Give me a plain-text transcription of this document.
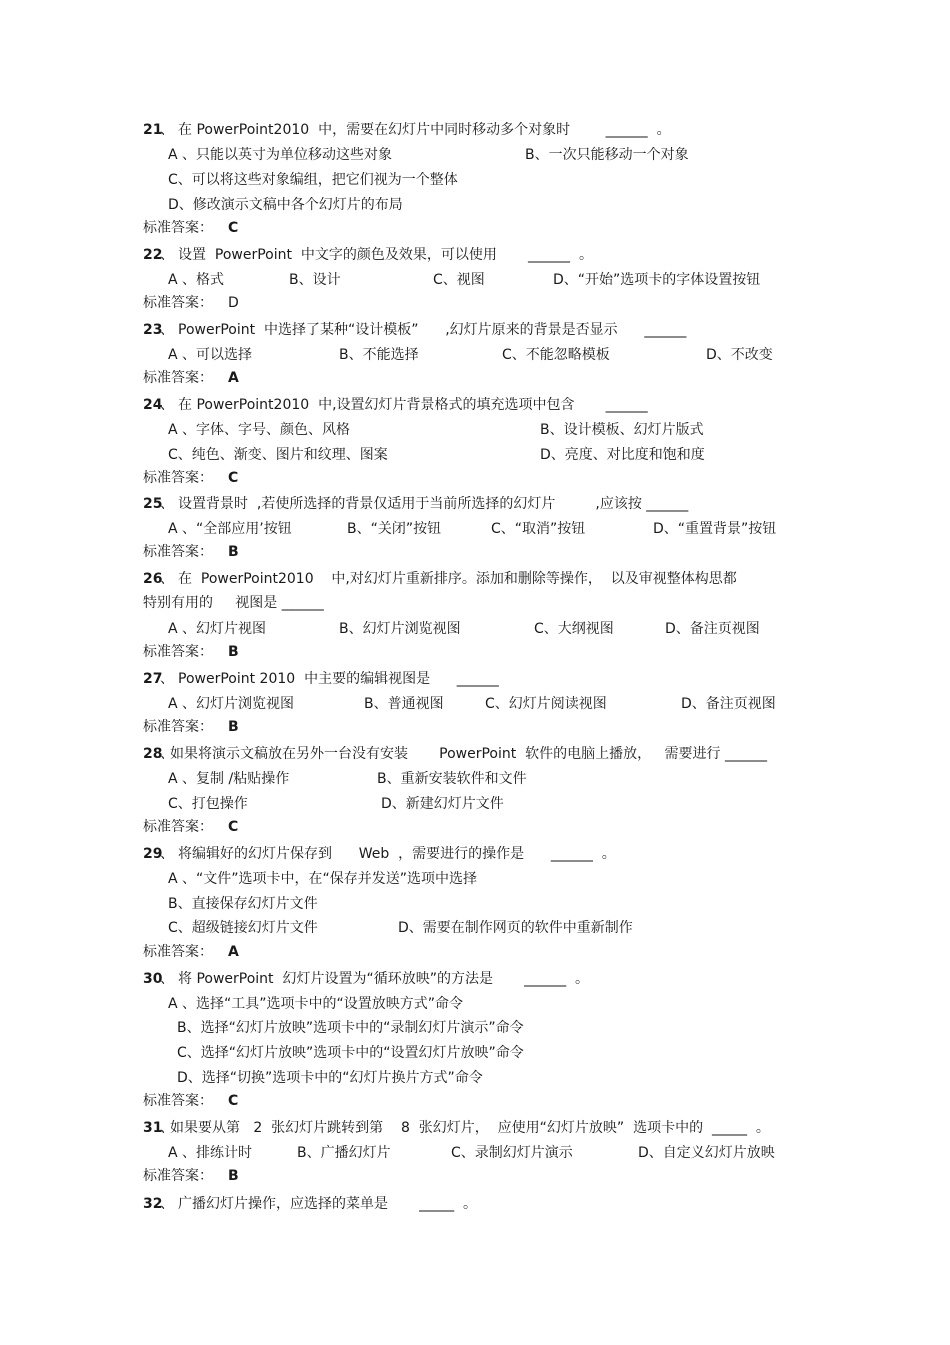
21
、 在 PowerPoint2010  中，需要在幻灯片中同时移动多个对象时        ______  。
A 、只能以英寸为单位移动这些对象	B、一次只能移动一个对象
C、可以将这些对象编组，把它们视为一个整体
D、修改演示文稿中各个幻灯片的布局
标准答案： C
22
、 设置  PowerPoint  中文字的颜色及效果，可以使用       ______  。
A 、格式	B、设计	C、视图	D、“开始”选项卡的字体设置按钮
标准答案： D
23
、 PowerPoint  中选择了某种“设计模板”      ,幻灯片原来的背景是否显示      ______
A 、可以选择	B、不能选择	C、不能忽略模板	D、不改变
标准答案： A
24
、 在 PowerPoint2010  中,设置幻灯片背景格式的填充选项中包含       ______
A 、字体、字号、颜色、风格	B、设计模板、幻灯片版式
C、纯色、渐变、图片和纹理、图案	D、亮度、对比度和饱和度
标准答案： C
25
、 设置背景时  ,若使所选择的背景仅适用于当前所选择的幻灯片         ,应该按 ______
A 、“全部应用’按钮	B、“关闭”按钮	C、“取消”按钮	D、“重置背景”按钮
标准答案： B
26
、 在  PowerPoint2010    中,对幻灯片重新排序。添加和删除等操作，  以及审视整体构思都
特别有用的     视图是 ______
A 、幻灯片视图	B、幻灯片浏览视图	C、大纲视图	D、备注页视图
标准答案： B
27
、 PowerPoint 2010  中主要的编辑视图是      ______
A 、幻灯片浏览视图	B、普通视图	C、幻灯片阅读视图	D、备注页视图
标准答案： B
28
、
如果将演示文稿放在另外一台没有安装       PowerPoint  软件的电脑上播放，   需要进行 ______
A 、复制 /粘贴操作	B、重新安装软件和文件
C、打包操作	D、新建幻灯片文件
标准答案： C
29
、 将编辑好的幻灯片保存到      Web  ，需要进行的操作是      ______  。
A 、“文件”选项卡中，在“保存并发送”选项中选择
B、直接保存幻灯片文件
C、超级链接幻灯片文件	D、需要在制作网页的软件中重新制作
标准答案： A
30
、 将 PowerPoint  幻灯片设置为“循环放映”的方法是       ______  。
A 、选择“工具”选项卡中的“设置放映方式”命令
B、选择“幻灯片放映”选项卡中的“录制幻灯片演示”命令
C、选择“幻灯片放映”选项卡中的“设置幻灯片放映”命令
D、选择“切换”选项卡中的“幻灯片换片方式”命令
标准答案： C
31
、
如果要从第   2  张幻灯片跳转到第    8  张幻灯片，  应使用“幻灯片放映”  选项卡中的  _____  。
A 、排练计时	B、广播幻灯片	C、录制幻灯片演示	D、自定义幻灯片放映
标准答案： B
32
、 广播幻灯片操作，应选择的菜单是       _____  。
